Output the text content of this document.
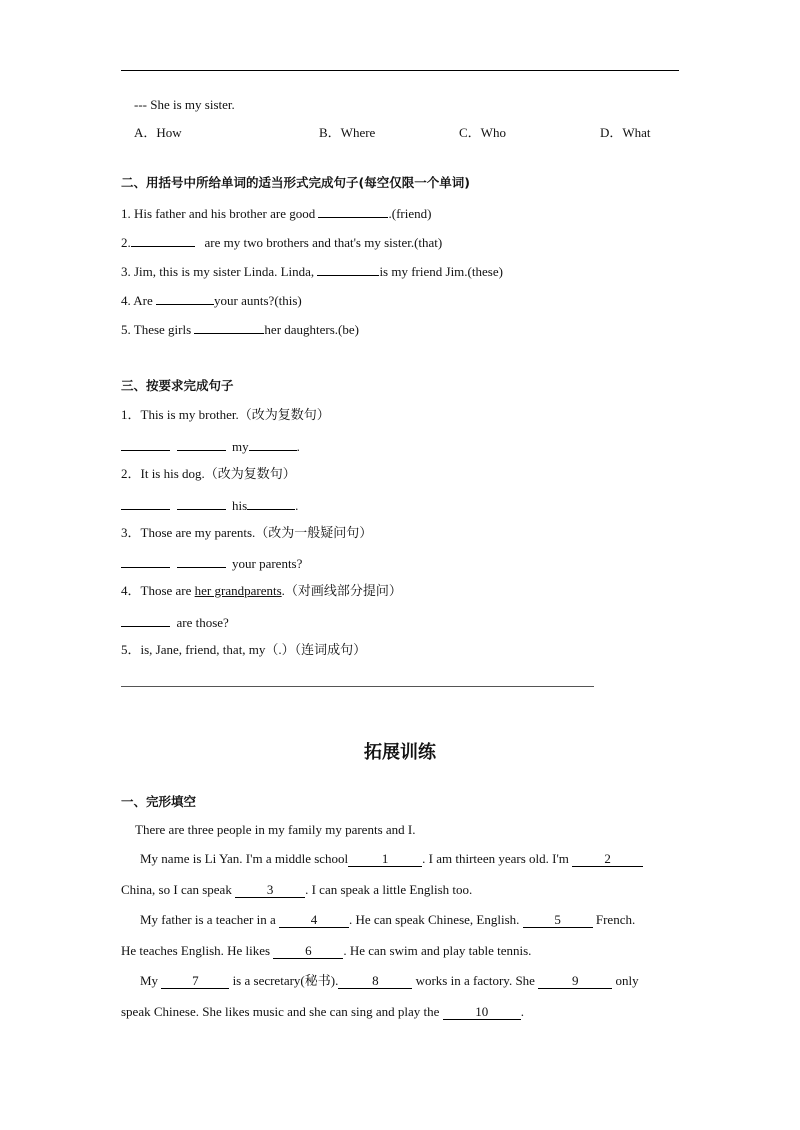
--- She is my sister.
A．How	B．Where	C．Who	D．What
二、用括号中所给单词的适当形式完成句子(每空仅限一个单词)
1. His father and his brother are good	.(friend)
2.	are my two brothers and that's my sister.(that)
3. Jim, this is my sister Linda. Linda,	is my friend Jim.(these)
4. Are	your aunts?(this)
5. These girls	her daughters.(be)
三、按要求完成句子
1．This is my brother.（改为复数句）
my	.
2．It is his dog.（改为复数句）
his	.
3．Those are my parents.（改为一般疑问句）
your parents?
4．Those are her grandparents.（对画线部分提问）
are those?
5．is, Jane, friend, that, my（.）（连词成句）
拓展训练
一、完形填空
There are three people in my family my parents and I.
My name is Li Yan. I'm a middle school	1	. I am thirteen years old. I'm 2
China, so I can speak 3 . I can speak a little English too.
My father is a teacher in a 4 . He can speak Chinese, English. 5 French.
He teaches English. He likes 6 . He can swim and play table tennis.
My 7 is a secretary(秘书).	8	works in a factory. She	9	only
speak Chinese. She likes music and she can sing and play the	10	.
